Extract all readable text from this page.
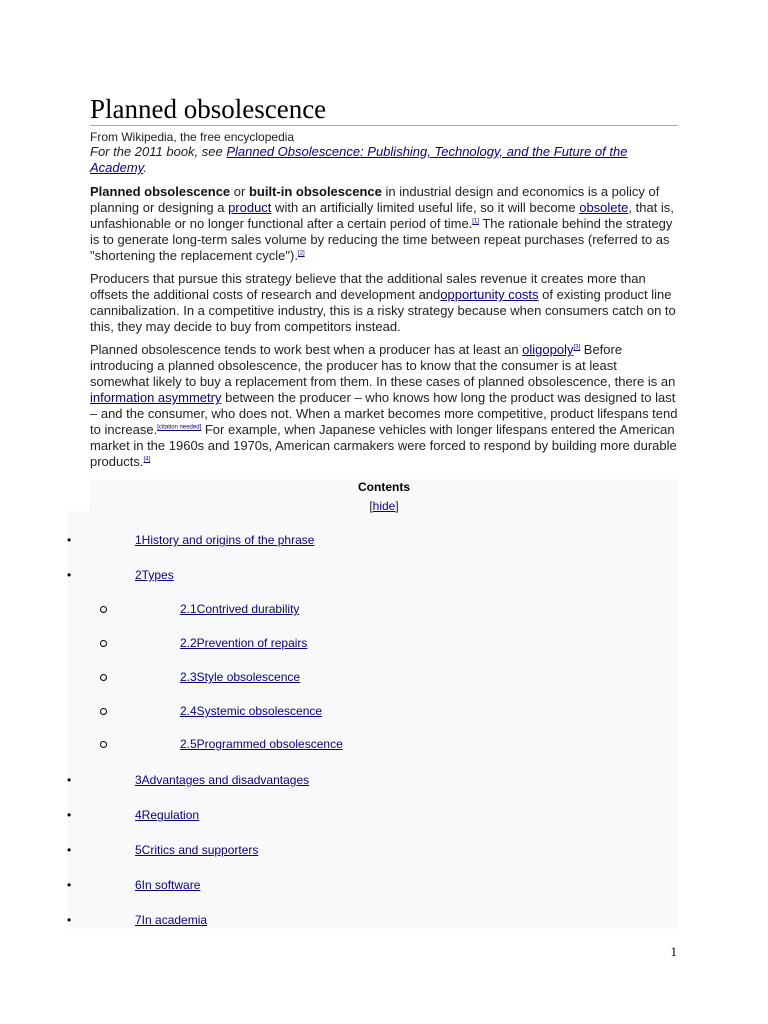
Planned obsolescence
From Wikipedia, the free encyclopedia
For the 2011 book, see Planned Obsolescence: Publishing, Technology, and the Future of the Academy.

Planned obsolescence or built-in obsolescence in industrial design and economics is a policy of planning or designing a product with an artificially limited useful life, so it will become obsolete, that is, unfashionable or no longer functional after a certain period of time.[1] The rationale behind the strategy is to generate long-term sales volume by reducing the time between repeat purchases (referred to as "shortening the replacement cycle").[2]

Producers that pursue this strategy believe that the additional sales revenue it creates more than offsets the additional costs of research and development andopportunity costs of existing product line cannibalization. In a competitive industry, this is a risky strategy because when consumers catch on to this, they may decide to buy from competitors instead.

Planned obsolescence tends to work best when a producer has at least an oligopoly[3] Before introducing a planned obsolescence, the producer has to know that the consumer is at least somewhat likely to buy a replacement from them. In these cases of planned obsolescence, there is an information asymmetry between the producer – who knows how long the product was designed to last – and the consumer, who does not. When a market becomes more competitive, product lifespans tend to increase.[citation needed] For example, when Japanese vehicles with longer lifespans entered the American market in the 1960s and 1970s, American carmakers were forced to respond by building more durable products.[4]

Contents
[hide]
•	1History and origins of the phrase
•	2Types
2.1Contrived durability
2.2Prevention of repairs
2.3Style obsolescence
2.4Systemic obsolescence
2.5Programmed obsolescence
•	3Advantages and disadvantages
•	4Regulation
•	5Critics and supporters
•	6In software
•	7In academia
1
